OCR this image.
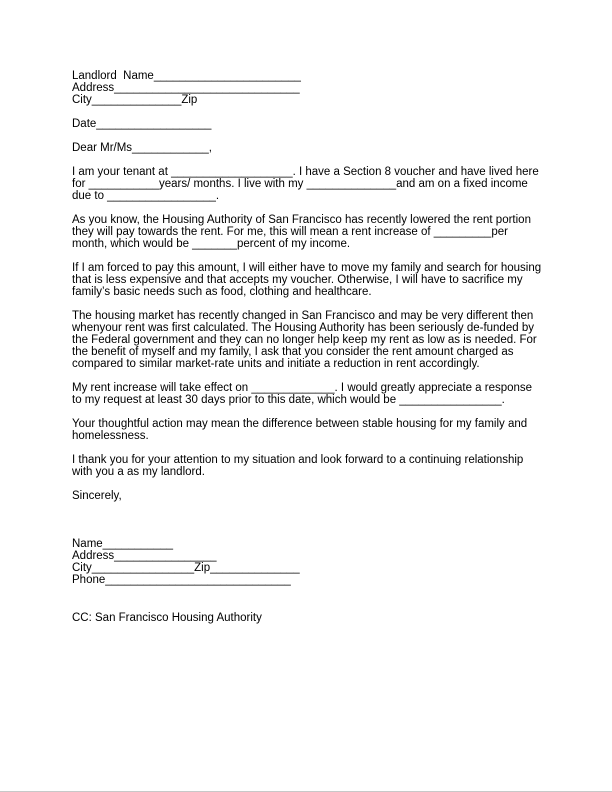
Landlord  Name_______________________
Address_____________________________
City______________Zip
Date__________________
Dear Mr/Ms____________,

I am your tenant at ___________________. I have a Section 8 voucher and have lived here for ___________years/ months. I live with my ______________and am on a fixed income due to _________________.

As you know, the Housing Authority of San Francisco has recently lowered the rent portion they will pay towards the rent. For me, this will mean a rent increase of _________per month, which would be _______percent of my income.

If I am forced to pay this amount, I will either have to move my family and search for housing that is less expensive and that accepts my voucher. Otherwise, I will have to sacrifice my family’s basic needs such as food, clothing and healthcare.

The housing market has recently changed in San Francisco and may be very different then whenyour rent was first calculated. The Housing Authority has been seriously de-funded by the Federal government and they can no longer help keep my rent as low as is needed. For the benefit of myself and my family, I ask that you consider the rent amount charged as compared to similar market-rate units and initiate a reduction in rent accordingly.

My rent increase will take effect on _____________. I would greatly appreciate a response to my request at least 30 days prior to this date, which would be ________________.

Your thoughtful action may mean the difference between stable housing for my family and homelessness.

I thank you for your attention to my situation and look forward to a continuing relationship with you a as my landlord.

Sincerely,
Name___________
Address________________
City________________Zip______________
Phone_____________________________
CC: San Francisco Housing Authority
